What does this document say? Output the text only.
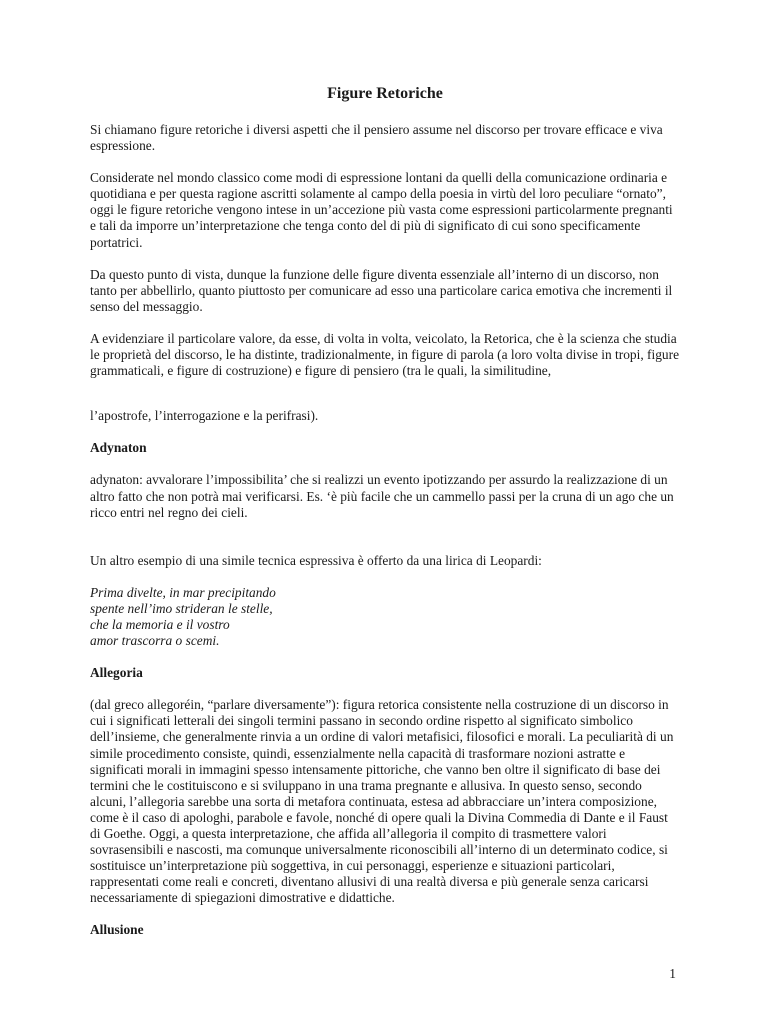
Figure Retoriche

Si chiamano figure retoriche i diversi aspetti che il pensiero assume nel discorso per trovare efficace e viva espressione.

Considerate nel mondo classico come modi di espressione lontani da quelli della comunicazione ordinaria e quotidiana e per questa ragione ascritti solamente al campo della poesia in virtù del loro peculiare “ornato”, oggi le figure retoriche vengono intese in un’accezione più vasta come espressioni particolarmente pregnanti e tali da imporre un’interpretazione che tenga conto del di più di significato di cui sono specificamente portatrici.

Da questo punto di vista, dunque la funzione delle figure diventa essenziale all’interno di un discorso, non tanto per abbellirlo, quanto piuttosto per comunicare ad esso una particolare carica emotiva che incrementi il senso del messaggio.

A evidenziare il particolare valore, da esse, di volta in volta, veicolato, la Retorica, che è la scienza che studia le proprietà del discorso, le ha distinte, tradizionalmente, in figure di parola (a loro volta divise in tropi, figure grammaticali, e figure di costruzione) e figure di pensiero (tra le quali, la similitudine,

l’apostrofe, l’interrogazione e la perifrasi).

Adynaton

adynaton: avvalorare l’impossibilita’ che si realizzi un evento ipotizzando per assurdo la realizzazione di un altro fatto che non potrà mai verificarsi. Es. ‘è più facile che un cammello passi per la cruna di un ago che un ricco entri nel regno dei cieli.

Un altro esempio di una simile tecnica espressiva è offerto da una lirica di Leopardi:

Prima divelte, in mar precipitando
spente nell’imo strideran le stelle,
che la memoria e il vostro
amor trascorra o scemi.
Allegoria

(dal greco allegoréin, “parlare diversamente”): figura retorica consistente nella costruzione di un discorso in cui i significati letterali dei singoli termini passano in secondo ordine rispetto al significato simbolico dell’insieme, che generalmente rinvia a un ordine di valori metafisici, filosofici e morali. La peculiarità di un simile procedimento consiste, quindi, essenzialmente nella capacità di trasformare nozioni astratte e significati morali in immagini spesso intensamente pittoriche, che vanno ben oltre il significato di base dei termini che le costituiscono e si sviluppano in una trama pregnante e allusiva. In questo senso, secondo alcuni, l’allegoria sarebbe una sorta di metafora continuata, estesa ad abbracciare un’intera composizione, come è il caso di apologhi, parabole e favole, nonché di opere quali la Divina Commedia di Dante e il Faust di Goethe. Oggi, a questa interpretazione, che affida all’allegoria il compito di trasmettere valori sovrasensibili e nascosti, ma comunque universalmente riconoscibili all’interno di un determinato codice, si sostituisce un’interpretazione più soggettiva, in cui personaggi, esperienze e situazioni particolari, rappresentati come reali e concreti, diventano allusivi di una realtà diversa e più generale senza caricarsi necessariamente di spiegazioni dimostrative e didattiche.

Allusione
1
